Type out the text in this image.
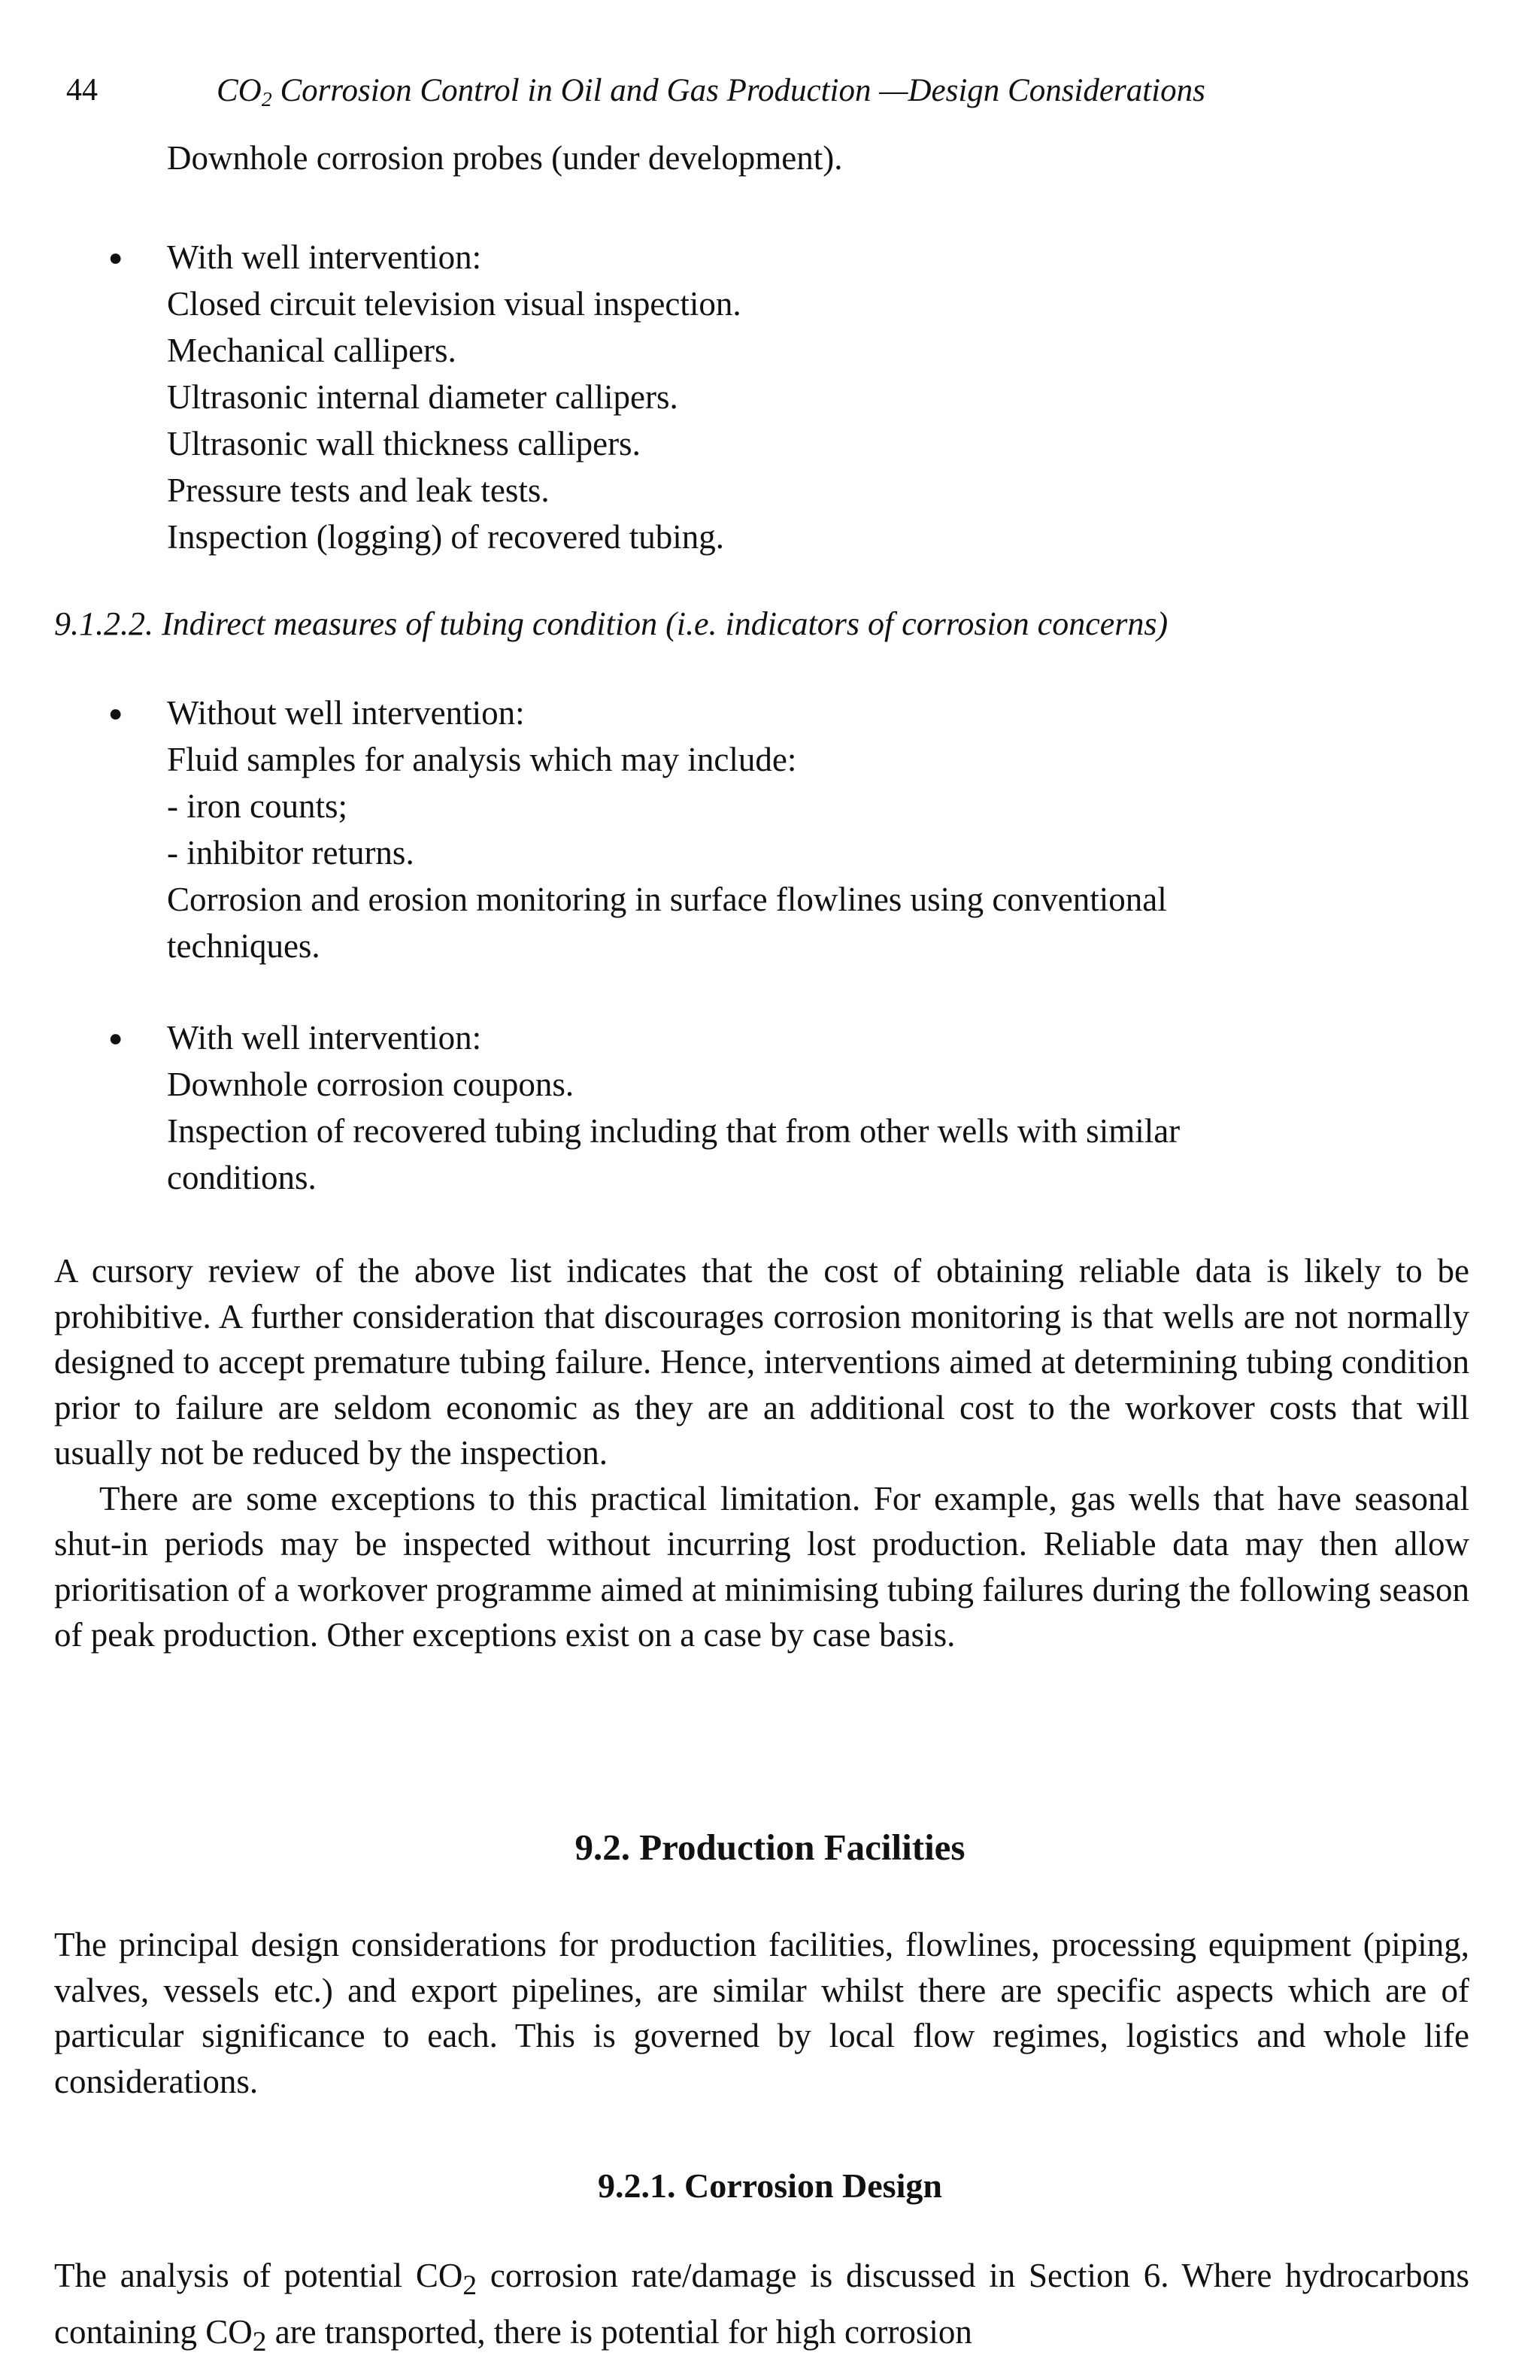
44	$CO_2$ Corrosion Control in Oil and Gas Production —Design Considerations
Downhole corrosion probes (under development).
● With well intervention:
Closed circuit television visual inspection.
Mechanical callipers.
Ultrasonic internal diameter callipers.
Ultrasonic wall thickness callipers.
Pressure tests and leak tests.
Inspection (logging) of recovered tubing.
9.1.2.2. Indirect measures of tubing condition (i.e. indicators of corrosion concerns)
● Without well intervention:
Fluid samples for analysis which may include:
- iron counts;
- inhibitor returns.
Corrosion and erosion monitoring in surface flowlines using conventional
techniques.
● With well intervention:
Downhole corrosion coupons.
Inspection of recovered tubing including that from other wells with similar
conditions.

A cursory review of the above list indicates that the cost of obtaining reliable data is likely to be prohibitive. A further consideration that discourages corrosion monitoring is that wells are not normally designed to accept premature tubing failure. Hence, interventions aimed at determining tubing condition prior to failure are seldom economic as they are an additional cost to the workover costs that will usually not be reduced by the inspection.

There are some exceptions to this practical limitation. For example, gas wells that have seasonal shut-in periods may be inspected without incurring lost production. Reliable data may then allow prioritisation of a workover programme aimed at minimising tubing failures during the following season of peak production. Other exceptions exist on a case by case basis.

9.2. Production Facilities

The principal design considerations for production facilities, flowlines, processing equipment (piping, valves, vessels etc.) and export pipelines, are similar whilst there are specific aspects which are of particular significance to each. This is governed by local flow regimes, logistics and whole life considerations.

9.2.1. Corrosion Design

The analysis of potential $CO_2$ corrosion rate/damage is discussed in Section 6. Where hydrocarbons containing $CO_2$ are transported, there is potential for high corrosion
